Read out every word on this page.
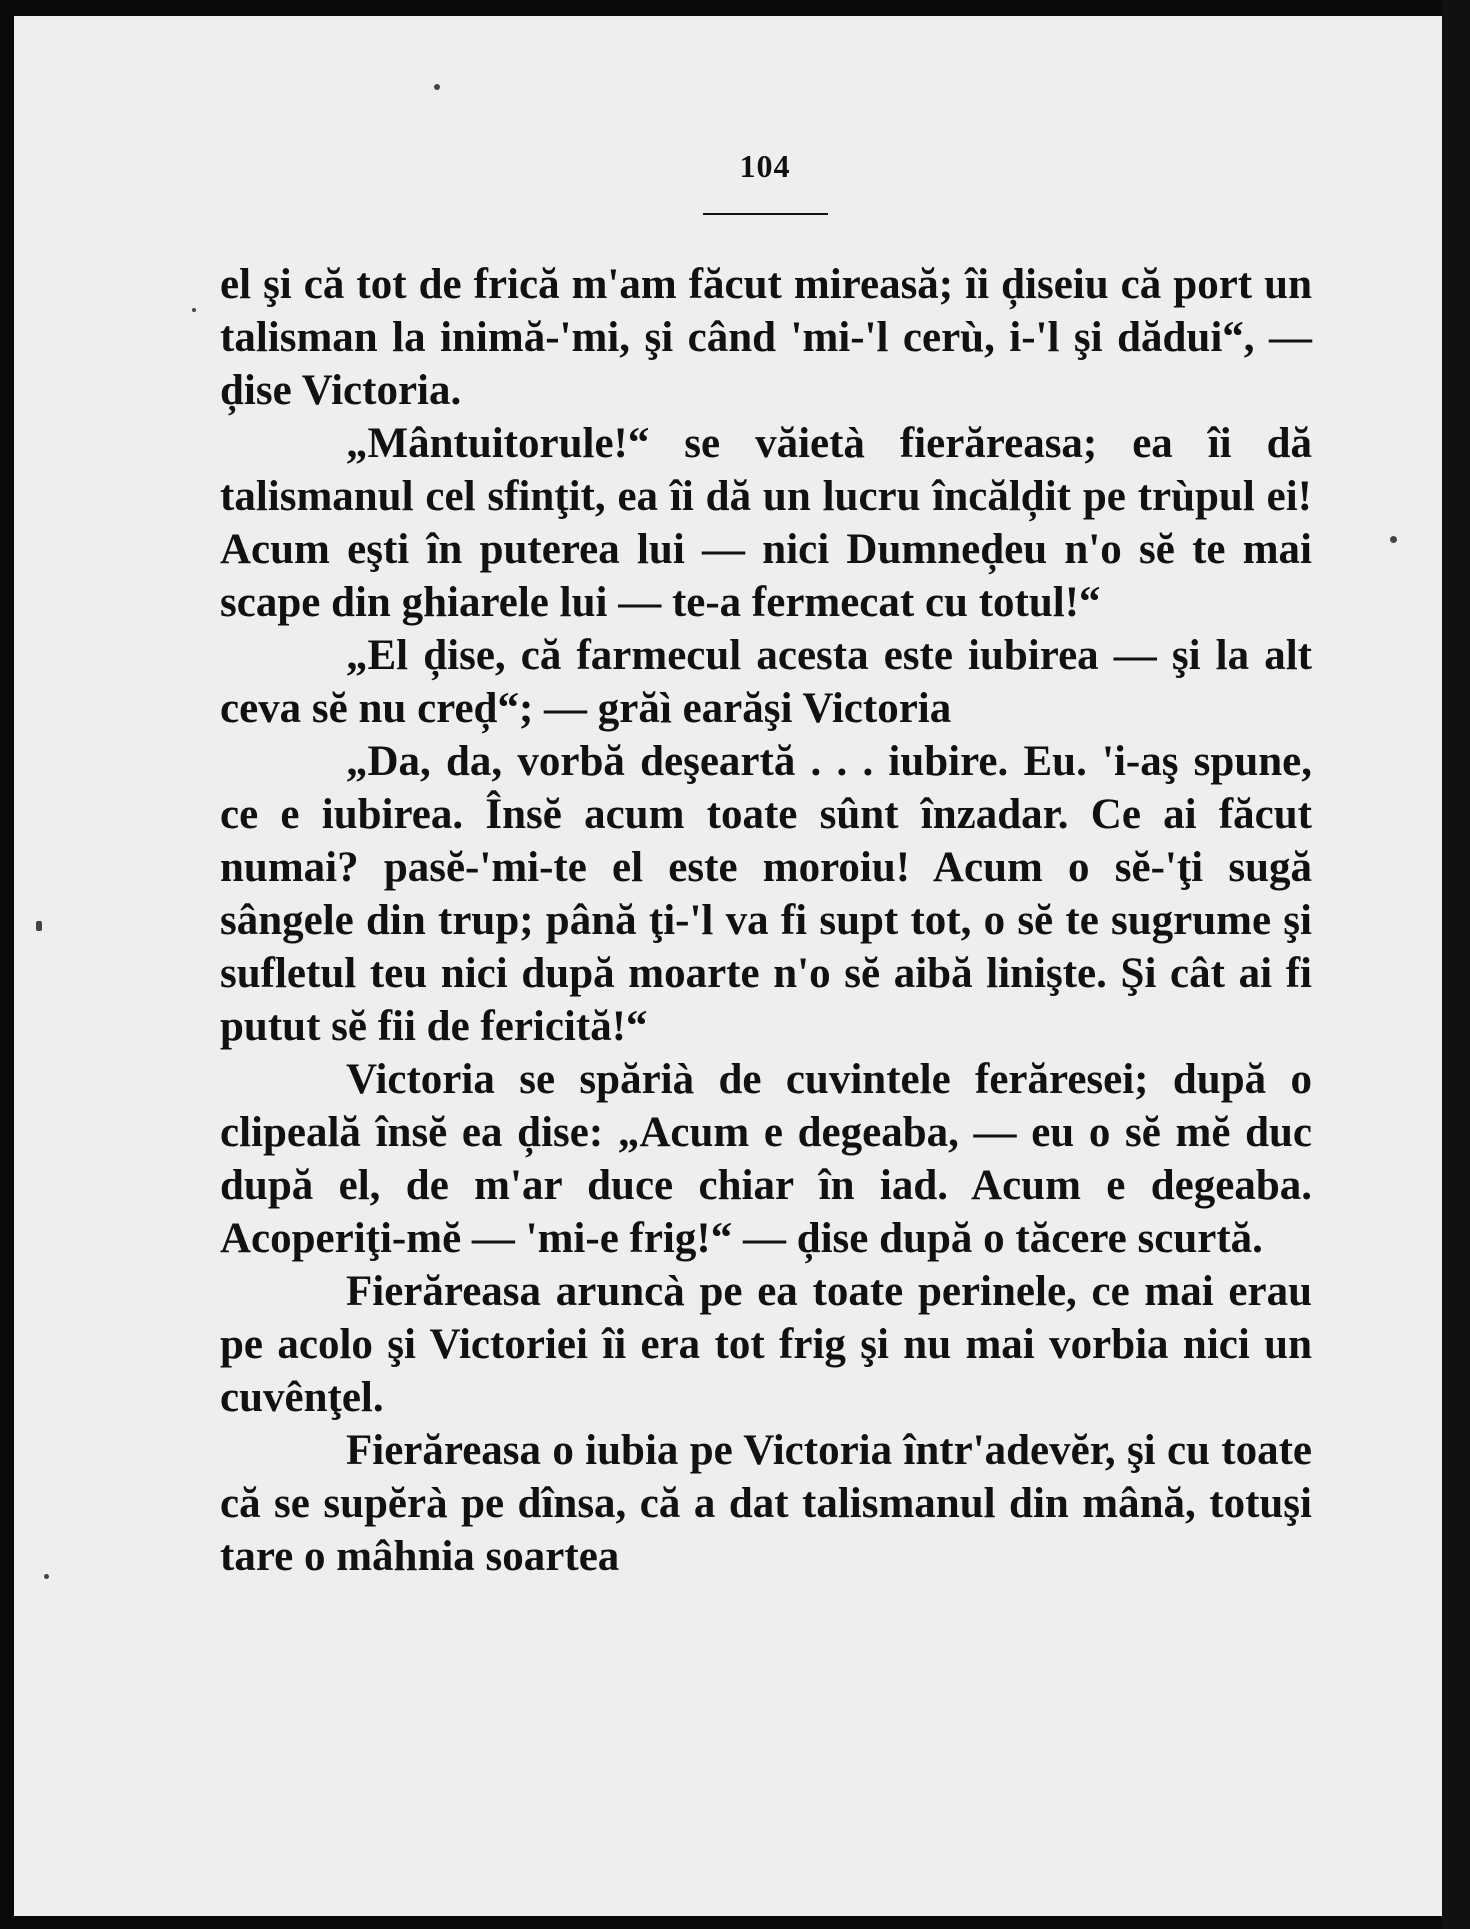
104

el şi că tot de frică m'am făcut mireasă; îi ḑiseiu că port un talisman la inimă-'mi, şi când 'mi-'l cerù, i-'l şi dădui“, — ḑise Victoria.

„Mântuitorule!“ se văietà fierăreasa; ea îi dă talismanul cel sfinţit, ea îi dă un lucru încălḑit pe trùpul ei! Acum eşti în puterea lui — nici Dumneḑeu n'o sĕ te mai scape din ghiarele lui — te-a fermecat cu totul!“

„El ḑise, că farmecul acesta este iubirea — şi la alt ceva sĕ nu creḑ“; — grăì earăşi Victoria

„Da, da, vorbă deşeartă . . . iubire. Eu. 'i-aş spune, ce e iubirea. Însĕ acum toate sûnt înzadar. Ce ai făcut numai? pasĕ-'mi-te el este moroiu! Acum o sĕ-'ţi sugă sângele din trup; până ţi-'l va fi supt tot, o sĕ te sugrume şi sufletul teu nici după moarte n'o sĕ aibă linişte. Şi cât ai fi putut sĕ fii de fericită!“

Victoria se spărià de cuvintele ferăresei; după o clipeală însĕ ea ḑise: „Acum e degeaba, — eu o sĕ mĕ duc după el, de m'ar duce chiar în iad. Acum e degeaba. Acoperiţi-mĕ — 'mi-e frig!“ — ḑise după o tăcere scurtă.

Fierăreasa aruncà pe ea toate perinele, ce mai erau pe acolo şi Victoriei îi era tot frig şi nu mai vorbia nici un cuvênţel.

Fierăreasa o iubia pe Victoria într'adevĕr, şi cu toate că se supĕrà pe dînsa, că a dat talismanul din mână, totuşi tare o mâhnia soartea
